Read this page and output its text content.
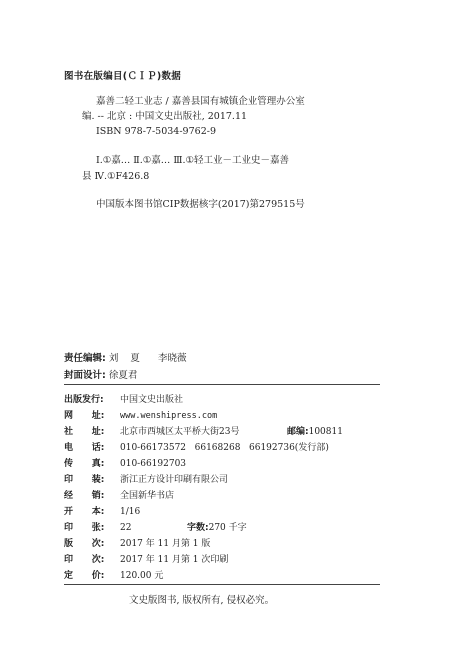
图书在版编目(ＣＩＰ)数据
嘉善二轻工业志 / 嘉善县国有城镇企业管理办公室
编. -- 北京 : 中国文史出版社, 2017.11
ISBN 978-7-5034-9762-9
Ⅰ.①嘉… Ⅱ.①嘉… Ⅲ.①轻工业－工业史－嘉善
县 Ⅳ.①F426.8
中国版本图书馆CIP数据核字(2017)第279515号
责任编辑: 刘    夏      李晓薇
封面设计: 徐夏君
出版发行: 中国文史出版社
网      址: www.wenshipress.com
社      址: 北京市西城区太平桥大街23号	邮编:100811
电      话: 010-66173572   66168268   66192736(发行部)
传      真: 010-66192703
印      装: 浙江正方设计印刷有限公司
经      销: 全国新华书店
开      本: 1/16
印      张: 22	字数:270 千字
版      次: 2017 年 11 月第 1 版
印      次: 2017 年 11 月第 1 次印刷
定      价: 120.00 元
文史版图书, 版权所有, 侵权必究。
